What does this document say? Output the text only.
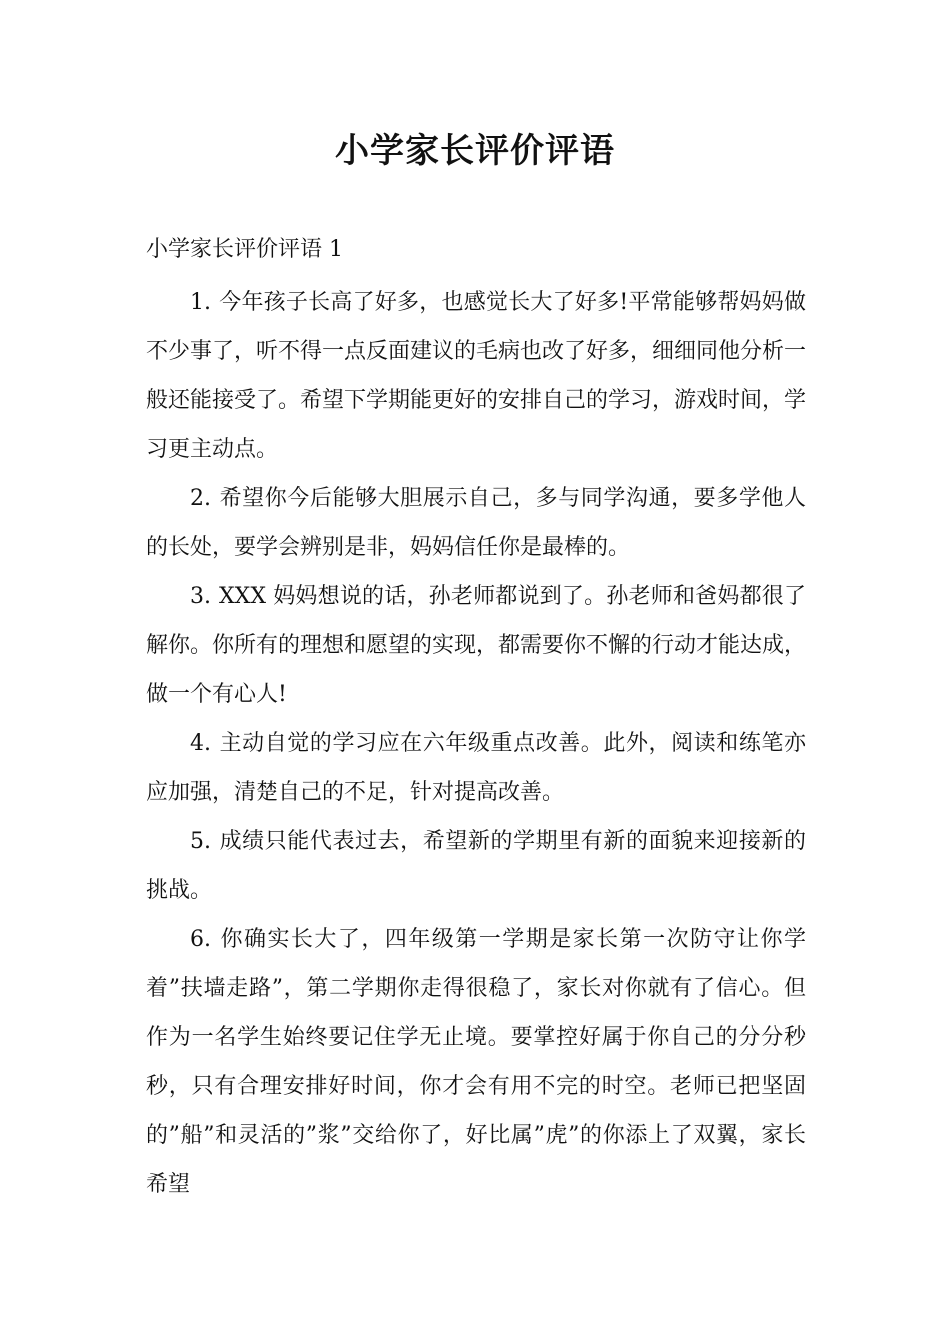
小学家长评价评语

小学家长评价评语 1

1. 今年孩子长高了好多，也感觉长大了好多!平常能够帮妈妈做不少事了，听不得一点反面建议的毛病也改了好多，细细同他分析一般还能接受了。希望下学期能更好的安排自己的学习，游戏时间，学习更主动点。

2. 希望你今后能够大胆展示自己，多与同学沟通，要多学他人的长处，要学会辨别是非，妈妈信任你是最棒的。

3. XXX 妈妈想说的话，孙老师都说到了。孙老师和爸妈都很了解你。你所有的理想和愿望的实现，都需要你不懈的行动才能达成，做一个有心人!

4. 主动自觉的学习应在六年级重点改善。此外，阅读和练笔亦应加强，清楚自己的不足，针对提高改善。

5. 成绩只能代表过去，希望新的学期里有新的面貌来迎接新的挑战。

6. 你确实长大了，四年级第一学期是家长第一次防守让你学着”扶墙走路”，第二学期你走得很稳了，家长对你就有了信心。但作为一名学生始终要记住学无止境。要掌控好属于你自己的分分秒秒，只有合理安排好时间，你才会有用不完的时空。老师已把坚固的”船”和灵活的”浆”交给你了，好比属”虎”的你添上了双翼，家长希望
